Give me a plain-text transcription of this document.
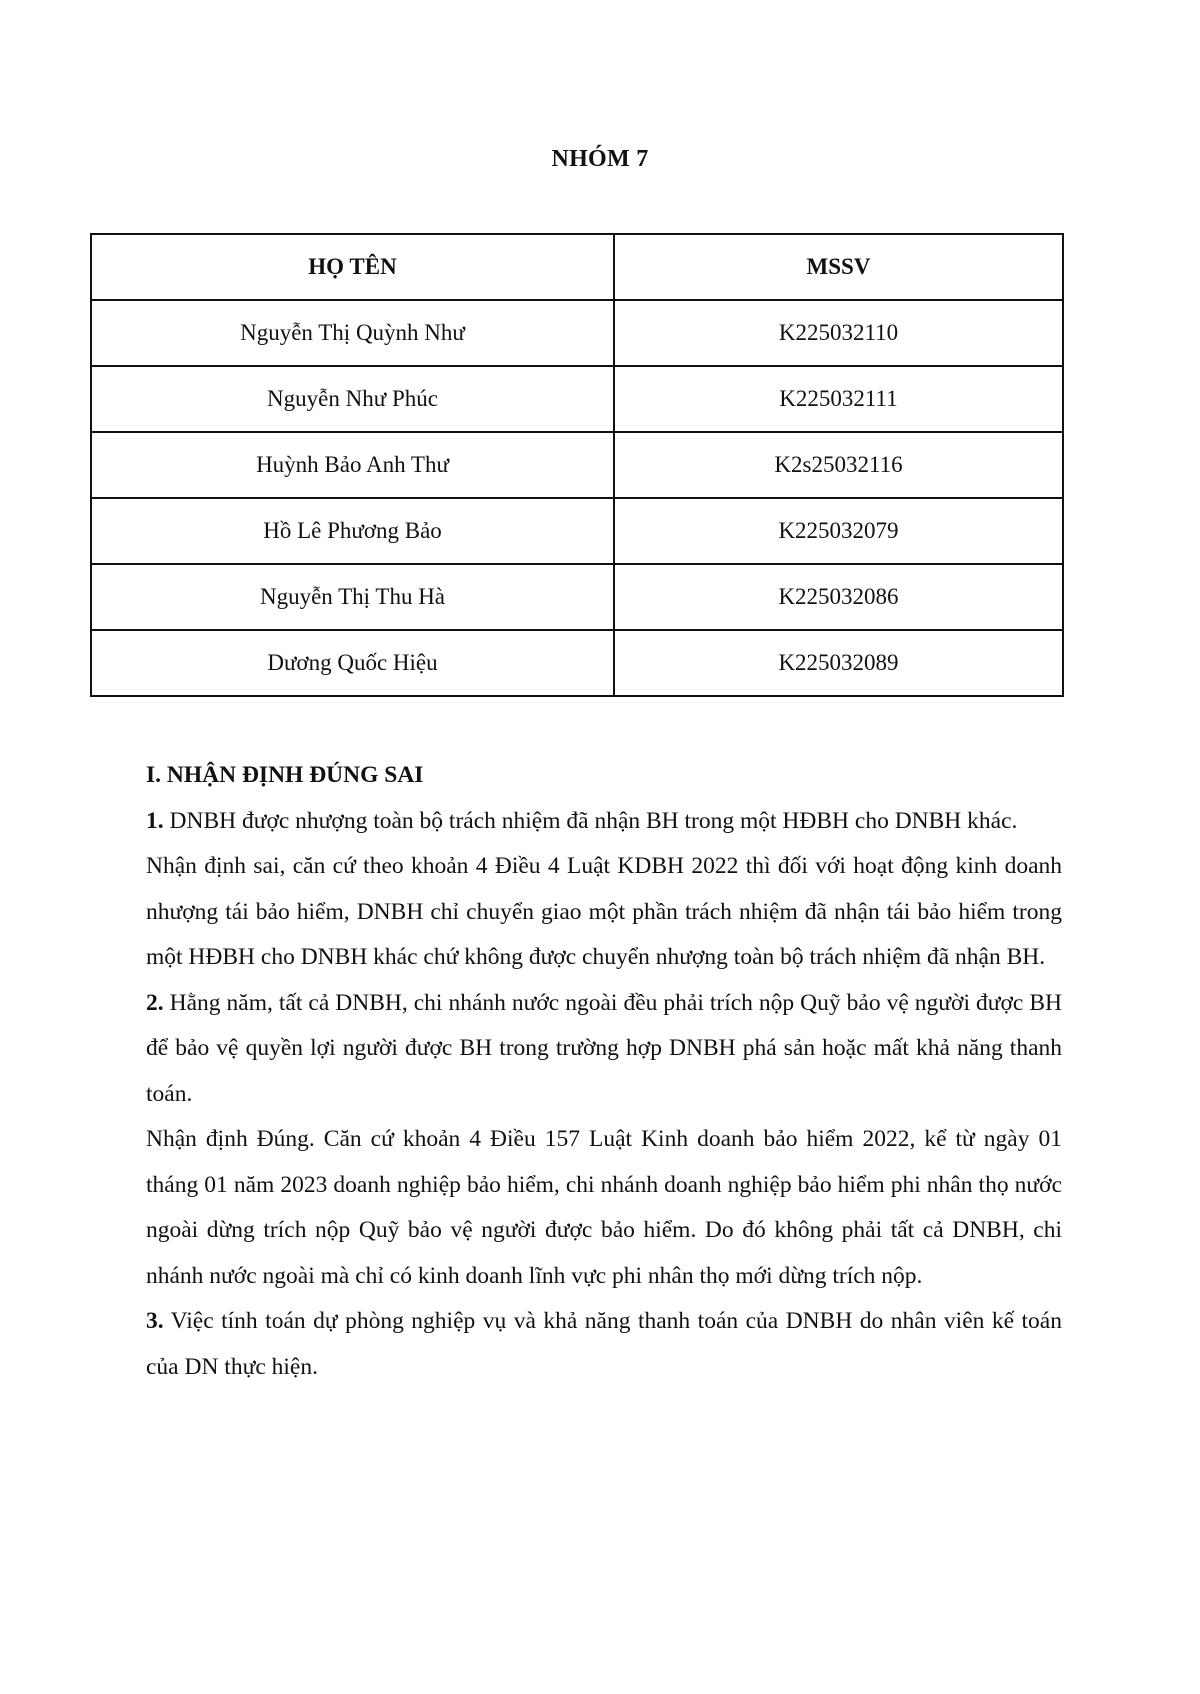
NHÓM 7
HỌ TÊN	MSSV
Nguyễn Thị Quỳnh Như	K225032110
Nguyễn Như Phúc	K225032111
Huỳnh Bảo Anh Thư	K2s25032116
Hồ Lê Phương Bảo	K225032079
Nguyễn Thị Thu Hà	K225032086
Dương Quốc Hiệu	K225032089

I. NHẬN ĐỊNH ĐÚNG SAI

1. DNBH được nhượng toàn bộ trách nhiệm đã nhận BH trong một HĐBH cho DNBH khác.

Nhận định sai, căn cứ theo khoản 4 Điều 4 Luật KDBH 2022 thì đối với hoạt động kinh doanh nhượng tái bảo hiểm, DNBH chỉ chuyển giao một phần trách nhiệm đã nhận tái bảo hiểm trong một HĐBH cho DNBH khác chứ không được chuyển nhượng toàn bộ trách nhiệm đã nhận BH.

2. Hằng năm, tất cả DNBH, chi nhánh nước ngoài đều phải trích nộp Quỹ bảo vệ người được BH để bảo vệ quyền lợi người được BH trong trường hợp DNBH phá sản hoặc mất khả năng thanh toán.

Nhận định Đúng. Căn cứ khoản 4 Điều 157 Luật Kinh doanh bảo hiểm 2022, kể từ ngày 01 tháng 01 năm 2023 doanh nghiệp bảo hiểm, chi nhánh doanh nghiệp bảo hiểm phi nhân thọ nước ngoài dừng trích nộp Quỹ bảo vệ người được bảo hiểm. Do đó không phải tất cả DNBH, chi nhánh nước ngoài mà chỉ có kinh doanh lĩnh vực phi nhân thọ mới dừng trích nộp.

3. Việc tính toán dự phòng nghiệp vụ và khả năng thanh toán của DNBH do nhân viên kế toán của DN thực hiện.
